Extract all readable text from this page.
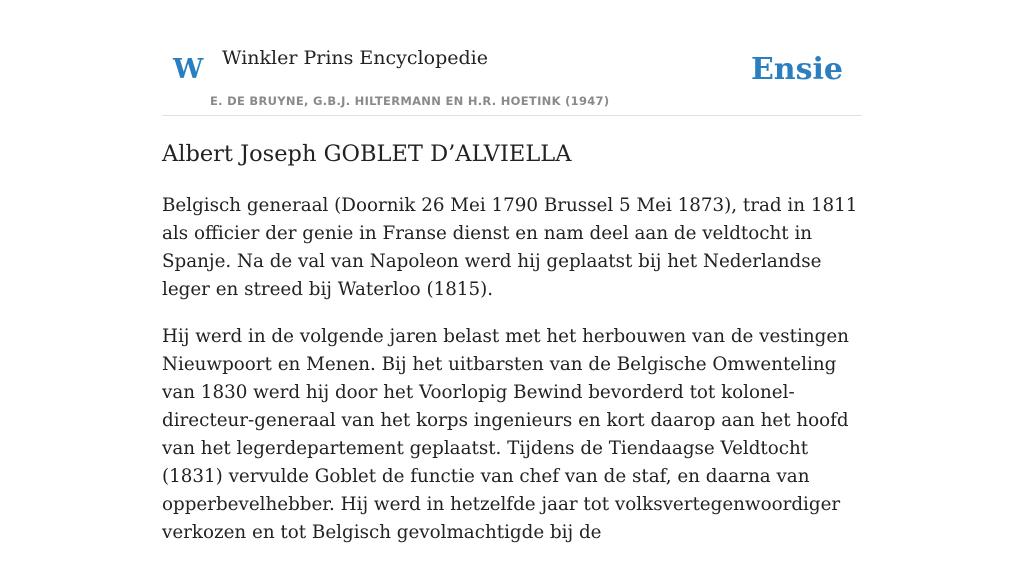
W Winkler Prins Encyclopedie
E. DE BRUYNE, G.B.J. HILTERMANN EN H.R. HOETINK (1947)
Ensie
Albert Joseph GOBLET D’ALVIELLA

Belgisch generaal (Doornik 26 Mei 1790 Brussel 5 Mei 1873), trad in 1811 als officier der genie in Franse dienst en nam deel aan de veldtocht in Spanje. Na de val van Napoleon werd hij geplaatst bij het Nederlandse leger en streed bij Waterloo (1815).

Hij werd in de volgende jaren belast met het herbouwen van de vestingen Nieuwpoort en Menen. Bij het uitbarsten van de Belgische Omwenteling van 1830 werd hij door het Voorlopig Bewind bevorderd tot kolonel-directeur-generaal van het korps ingenieurs en kort daarop aan het hoofd van het legerdepartement geplaatst. Tijdens de Tiendaagse Veldtocht (1831) vervulde Goblet de functie van chef van de staf, en daarna van opperbevelhebber. Hij werd in hetzelfde jaar tot volksvertegenwoordiger verkozen en tot Belgisch gevolmachtigde bij de
